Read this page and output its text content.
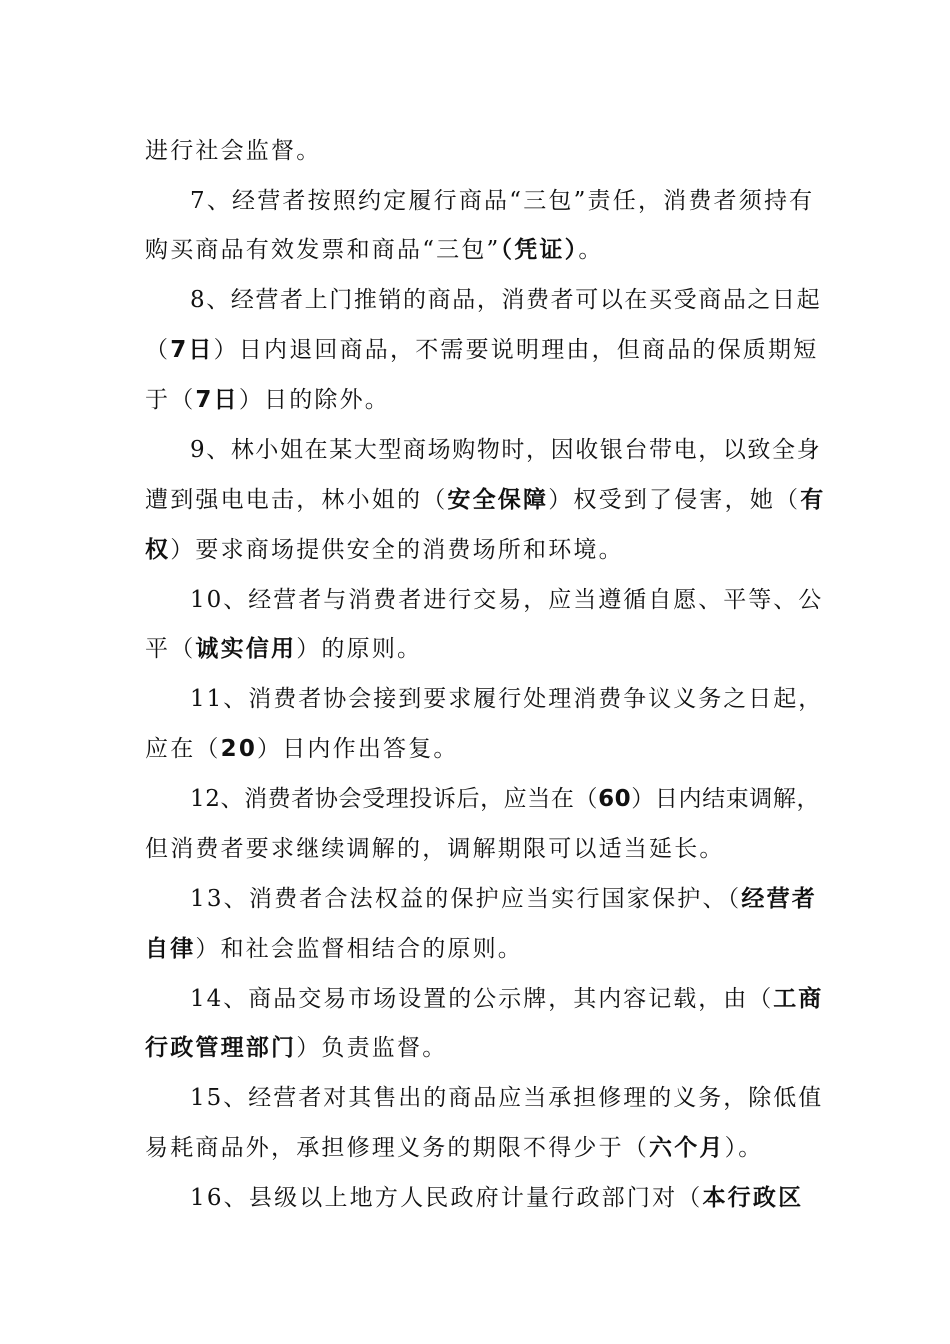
进行社会监督。
7、经营者按照约定履行商品“三包”责任，消费者须持有
购买商品有效发票和商品“三包”（凭证）。
8、经营者上门推销的商品，消费者可以在买受商品之日起
（7日）日内退回商品，不需要说明理由，但商品的保质期短
于（7日）日的除外。
9、林小姐在某大型商场购物时，因收银台带电，以致全身
遭到强电电击，林小姐的（安全保障）权受到了侵害，她（有
权）要求商场提供安全的消费场所和环境。
10、经营者与消费者进行交易，应当遵循自愿、平等、公
平（诚实信用）的原则。
11、消费者协会接到要求履行处理消费争议义务之日起，
应在（20）日内作出答复。
12、消费者协会受理投诉后，应当在（60）日内结束调解，
但消费者要求继续调解的，调解期限可以适当延长。
13、消费者合法权益的保护应当实行国家保护、（经营者
自律）和社会监督相结合的原则。
14、商品交易市场设置的公示牌，其内容记载，由（工商
行政管理部门）负责监督。
15、经营者对其售出的商品应当承担修理的义务，除低值
易耗商品外，承担修理义务的期限不得少于（六个月）。
16、县级以上地方人民政府计量行政部门对（本行政区
